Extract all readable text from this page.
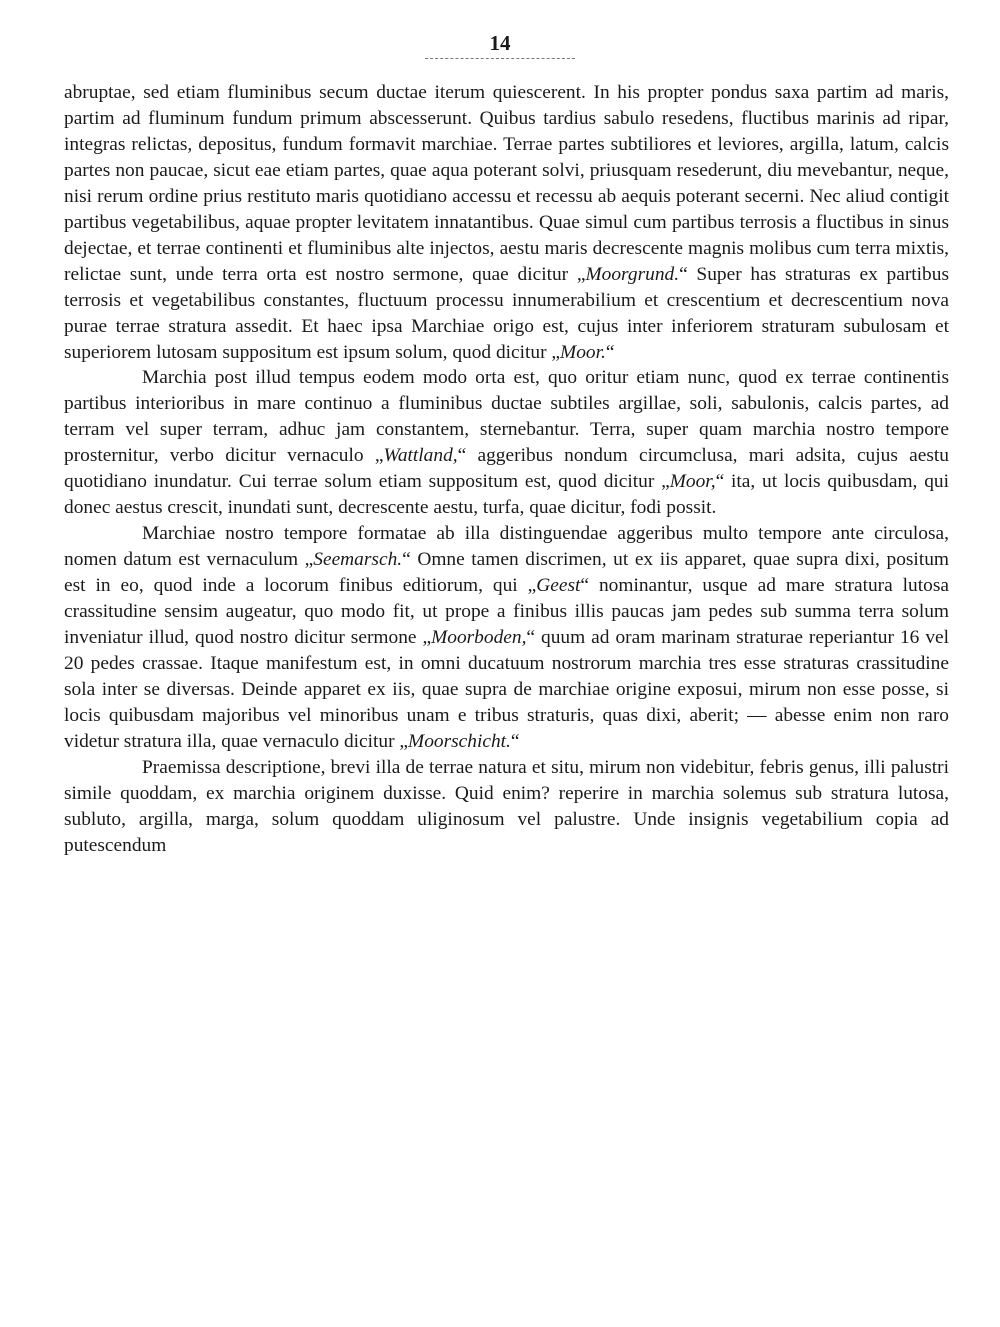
14

abruptae, sed etiam fluminibus secum ductae iterum quiescerent. In his propter pondus saxa partim ad maris, partim ad fluminum fundum primum abscesserunt. Quibus tardius sabulo resedens, fluctibus marinis ad ripar, integras relictas, depositus, fundum formavit marchiae. Terrae partes subtiliores et leviores, argilla, latum, calcis partes non paucae, sicut eae etiam partes, quae aqua poterant solvi, priusquam resederunt, diu mevebantur, neque, nisi rerum ordine prius restituto maris quotidiano accessu et recessu ab aequis poterant secerni. Nec aliud contigit partibus vegetabilibus, aquae propter levitatem innatantibus. Quae simul cum partibus terrosis a fluctibus in sinus dejectae, et terrae continenti et fluminibus alte injectos, aestu maris decrescente magnis molibus cum terra mixtis, relictae sunt, unde terra orta est nostro sermone, quae dicitur „Moorgrund.“ Super has straturas ex partibus terrosis et vegetabilibus constantes, fluctuum processu innumerabilium et crescentium et decrescentium nova purae terrae stratura assedit. Et haec ipsa Marchiae origo est, cujus inter inferiorem straturam subulosam et superiorem lutosam suppositum est ipsum solum, quod dicitur „Moor.“

Marchia post illud tempus eodem modo orta est, quo oritur etiam nunc, quod ex terrae continentis partibus interioribus in mare continuo a fluminibus ductae subtiles argillae, soli, sabulonis, calcis partes, ad terram vel super terram, adhuc jam constantem, sternebantur. Terra, super quam marchia nostro tempore prosternitur, verbo dicitur vernaculo „Wattland,“ aggeribus nondum circumclusa, mari adsita, cujus aestu quotidiano inundatur. Cui terrae solum etiam suppositum est, quod dicitur „Moor,“ ita, ut locis quibusdam, qui donec aestus crescit, inundati sunt, decrescente aestu, turfa, quae dicitur, fodi possit.

Marchiae nostro tempore formatae ab illa distinguendae aggeribus multo tempore ante circulosa, nomen datum est vernaculum „Seemarsch.“ Omne tamen discrimen, ut ex iis apparet, quae supra dixi, positum est in eo, quod inde a locorum finibus editiorum, qui „Geest“ nominantur, usque ad mare stratura lutosa crassitudine sensim augeatur, quo modo fit, ut prope a finibus illis paucas jam pedes sub summa terra solum inveniatur illud, quod nostro dicitur sermone „Moorboden,“ quum ad oram marinam straturae reperiantur 16 vel 20 pedes crassae. Itaque manifestum est, in omni ducatuum nostrorum marchia tres esse straturas crassitudine sola inter se diversas. Deinde apparet ex iis, quae supra de marchiae origine exposui, mirum non esse posse, si locis quibusdam majoribus vel minoribus unam e tribus straturis, quas dixi, aberit; — abesse enim non raro videtur stratura illa, quae vernaculo dicitur „Moorschicht.“

Praemissa descriptione, brevi illa de terrae natura et situ, mirum non videbitur, febris genus, illi palustri simile quoddam, ex marchia originem duxisse. Quid enim? reperire in marchia solemus sub stratura lutosa, subluto, argilla, marga, solum quoddam uliginosum vel palustre. Unde insignis vegetabilium copia ad putescendum
